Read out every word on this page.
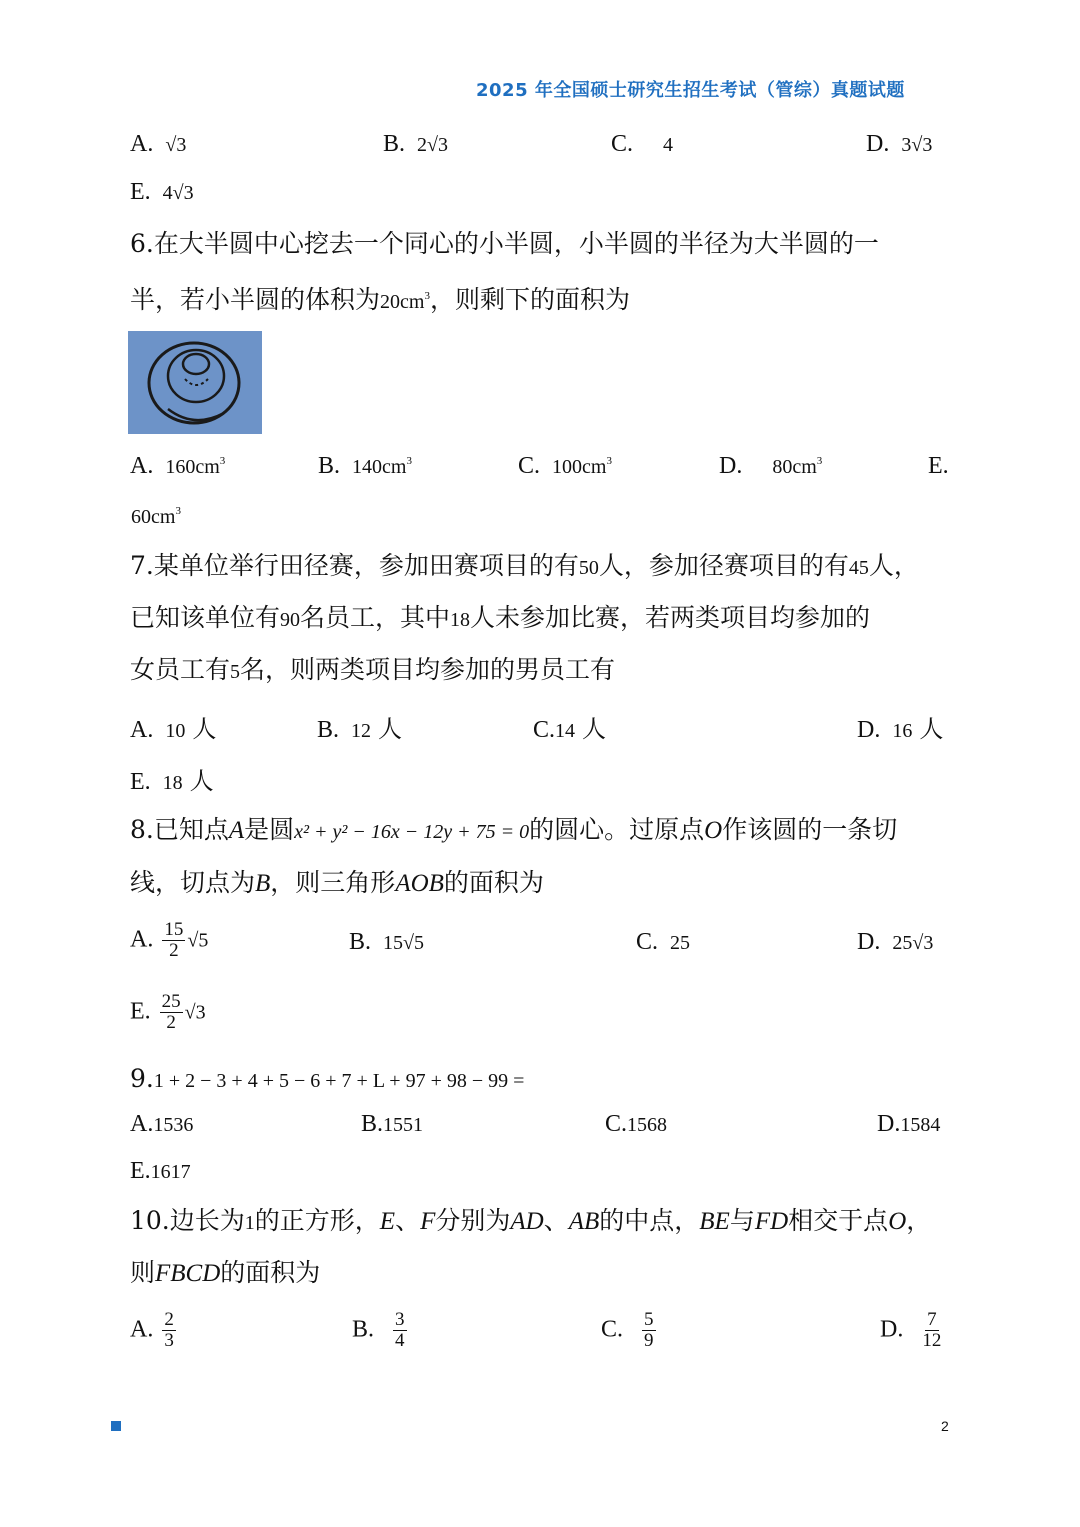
2025 年全国硕士研究生招生考试（管综）真题试题
A. √3	B. 2√3	C. 4	D. 3√3
E. 4√3
6.在大半圆中心挖去一个同心的小半圆，小半圆的半径为大半圆的一
半，若小半圆的体积为$20cm^3$，则剩下的面积为
A. $160cm^3$	B. $140cm^3$	C. $100cm^3$	D. $80cm^3$	E.
$60cm^3$
7.某单位举行田径赛，参加田赛项目的有50人，参加径赛项目的有45人，
已知该单位有90名员工，其中18人未参加比赛，若两类项目均参加的
女员工有5名，则两类项目均参加的男员工有
A. 10 人	B. 12 人	C.14 人	D. 16 人
E. 18 人
8.已知点A是圆x² + y² − 16x − 12y + 75 = 0的圆心。过原点O作该圆的一条切
线，切点为B，则三角形AOB的面积为
A. $\frac{15}{2} √5$	B. 15√5	C. 25	D. 25√3
E. $\frac{25}{2} √3$
9.1 + 2 − 3 + 4 + 5 − 6 + 7 + L + 97 + 98 − 99 =
A.1536	B.1551	C.1568	D.1584
E.1617
10.边长为1的正方形，E、F分别为AD、AB的中点，BE与FD相交于点O，
则FBCD的面积为
A. $\frac{2}{3}$	B. $\frac{3}{4}$	C. $\frac{5}{9}$	D. $\frac{7}{12}$
2
